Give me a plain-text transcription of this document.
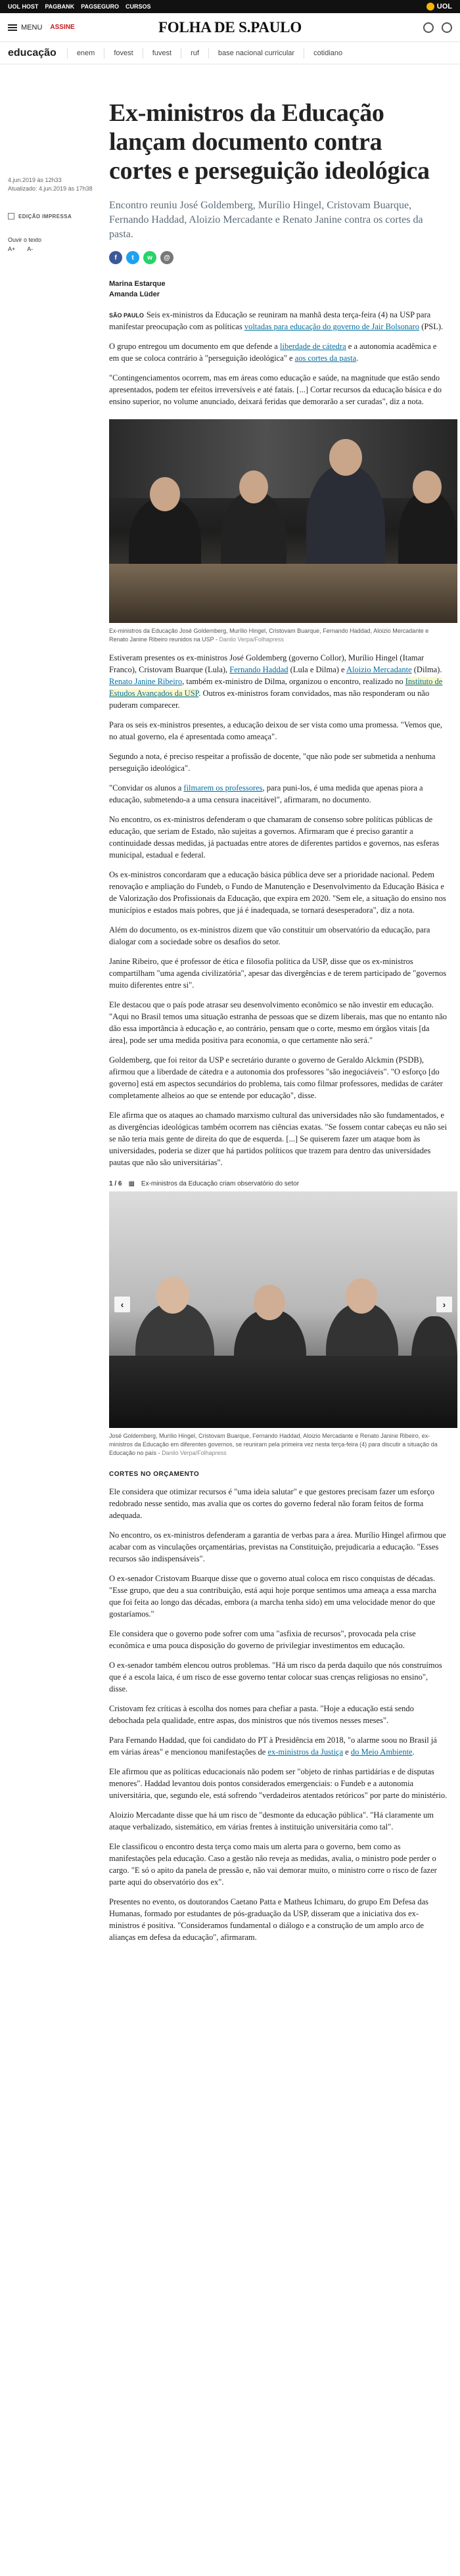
UOL HOST PAGBANK PAGSEGURO CURSOS	UOL
MENU ASSINE	FOLHA DE S.PAULO
educação	enem	fovest	fuvest	ruf	base nacional curricular	cotidiano
4.jun.2019 às 12h33
Atualizado: 4.jun.2019 às 17h38
EDIÇÃO IMPRESSA
Ouvir o texto
A+ A-
Ex-ministros da Educação lançam documento contra cortes e perseguição ideológica

Encontro reuniu José Goldemberg, Murílio Hingel, Cristovam Buarque, Fernando Haddad, Aloizio Mercadante e Renato Janine contra os cortes da pasta.

f	t	w	@
Marina Estarque
Amanda Lüder

SÃO PAULO Seis ex-ministros da Educação se reuniram na manhã desta terça-feira (4) na USP para manifestar preocupação com as políticas voltadas para educação do governo de Jair Bolsonaro (PSL).

O grupo entregou um documento em que defende a liberdade de cátedra e a autonomia acadêmica e em que se coloca contrário à "perseguição ideológica" e aos cortes da pasta.

"Contingenciamentos ocorrem, mas em áreas como educação e saúde, na magnitude que estão sendo apresentados, podem ter efeitos irreversíveis e até fatais. [...] Cortar recursos da educação básica e do ensino superior, no volume anunciado, deixará feridas que demorarão a ser curadas", diz a nota.

Ex-ministros da Educação José Goldemberg, Murílio Hingel, Cristovam Buarque, Fernando Haddad, Aloizio Mercadante e Renato Janine Ribeiro reunidos na USP - Danilo Verpa/Folhapress

Estiveram presentes os ex-ministros José Goldemberg (governo Collor), Murílio Hingel (Itamar Franco), Cristovam Buarque (Lula), Fernando Haddad (Lula e Dilma) e Aloizio Mercadante (Dilma). Renato Janine Ribeiro, também ex-ministro de Dilma, organizou o encontro, realizado no Instituto de Estudos Avançados da USP. Outros ex-ministros foram convidados, mas não responderam ou não puderam comparecer.

Para os seis ex-ministros presentes, a educação deixou de ser vista como uma promessa. "Vemos que, no atual governo, ela é apresentada como ameaça".

Segundo a nota, é preciso respeitar a profissão de docente, "que não pode ser submetida a nenhuma perseguição ideológica".

"Convidar os alunos a filmarem os professores, para puni-los, é uma medida que apenas piora a educação, submetendo-a a uma censura inaceitável", afirmaram, no documento.

No encontro, os ex-ministros defenderam o que chamaram de consenso sobre políticas públicas de educação, que seriam de Estado, não sujeitas a governos. Afirmaram que é preciso garantir a continuidade dessas medidas, já pactuadas entre atores de diferentes partidos e governos, nas esferas municipal, estadual e federal.

Os ex-ministros concordaram que a educação básica pública deve ser a prioridade nacional. Pedem renovação e ampliação do Fundeb, o Fundo de Manutenção e Desenvolvimento da Educação Básica e de Valorização dos Profissionais da Educação, que expira em 2020. "Sem ele, a situação do ensino nos municípios e estados mais pobres, que já é inadequada, se tornará desesperadora", diz a nota.

Além do documento, os ex-ministros dizem que vão constituir um observatório da educação, para dialogar com a sociedade sobre os desafios do setor.

Janine Ribeiro, que é professor de ética e filosofia política da USP, disse que os ex-ministros compartilham "uma agenda civilizatória", apesar das divergências e de terem participado de "governos muito diferentes entre si".

Ele destacou que o país pode atrasar seu desenvolvimento econômico se não investir em educação. "Aqui no Brasil temos uma situação estranha de pessoas que se dizem liberais, mas que no entanto não dão essa importância à educação e, ao contrário, pensam que o corte, mesmo em órgãos vitais [da área], pode ser uma medida positiva para economia, o que certamente não será."

Goldemberg, que foi reitor da USP e secretário durante o governo de Geraldo Alckmin (PSDB), afirmou que a liberdade de cátedra e a autonomia dos professores "são inegociáveis". "O esforço [do governo] está em aspectos secundários do problema, tais como filmar professores, medidas de caráter completamente alheios ao que se entende por educação", disse.

Ele afirma que os ataques ao chamado marxismo cultural das universidades não são fundamentados, e as divergências ideológicas também ocorrem nas ciências exatas. "Se fossem contar cabeças eu não sei se não teria mais gente de direita do que de esquerda. [...] Se quiserem fazer um ataque bom às universidades, poderia se dizer que há partidos políticos que trazem para dentro das universidades pautas que não são universitárias".

1 / 6 ▦ Ex-ministros da Educação criam observatório do setor
‹	›
José Goldemberg, Murílio Hingel, Cristovam Buarque, Fernando Haddad, Aloizio Mercadante e Renato Janine Ribeiro, ex-ministros da Educação em diferentes governos, se reuniram pela primeira vez nesta terça-feira (4) para discutir a situação da Educação no país - Danilo Verpa/Folhapress
CORTES NO ORÇAMENTO

Ele considera que otimizar recursos é "uma ideia salutar" e que gestores precisam fazer um esforço redobrado nesse sentido, mas avalia que os cortes do governo federal não foram feitos de forma adequada.

No encontro, os ex-ministros defenderam a garantia de verbas para a área. Murílio Hingel afirmou que acabar com as vinculações orçamentárias, previstas na Constituição, prejudicaria a educação. "Esses recursos são indispensáveis".

O ex-senador Cristovam Buarque disse que o governo atual coloca em risco conquistas de décadas. "Esse grupo, que deu a sua contribuição, está aqui hoje porque sentimos uma ameaça a essa marcha que foi feita ao longo das décadas, embora (a marcha tenha sido) em uma velocidade menor do que gostaríamos."

Ele considera que o governo pode sofrer com uma "asfixia de recursos", provocada pela crise econômica e uma pouca disposição do governo de privilegiar investimentos em educação.

O ex-senador também elencou outros problemas. "Há um risco da perda daquilo que nós construímos que é a escola laica, é um risco de esse governo tentar colocar suas crenças religiosas no ensino", disse.

Cristovam fez críticas à escolha dos nomes para chefiar a pasta. "Hoje a educação está sendo debochada pela qualidade, entre aspas, dos ministros que nós tivemos nesses meses".

Para Fernando Haddad, que foi candidato do PT à Presidência em 2018, "o alarme soou no Brasil já em várias áreas" e mencionou manifestações de ex-ministros da Justiça e do Meio Ambiente.

Ele afirmou que as políticas educacionais não podem ser "objeto de rinhas partidárias e de disputas menores". Haddad levantou dois pontos considerados emergenciais: o Fundeb e a autonomia universitária, que, segundo ele, está sofrendo "verdadeiros atentados retóricos" por parte do ministério.

Aloizio Mercadante disse que há um risco de "desmonte da educação pública". "Há claramente um ataque verbalizado, sistemático, em várias frentes à instituição universitária como tal".

Ele classificou o encontro desta terça como mais um alerta para o governo, bem como as manifestações pela educação. Caso a gestão não reveja as medidas, avalia, o ministro pode perder o cargo. "E só o apito da panela de pressão e, não vai demorar muito, o ministro corre o risco de fazer parte aqui do observatório dos ex".

Presentes no evento, os doutorandos Caetano Patta e Matheus Ichimaru, do grupo Em Defesa das Humanas, formado por estudantes de pós-graduação da USP, disseram que a iniciativa dos ex-ministros é positiva. "Consideramos fundamental o diálogo e a construção de um amplo arco de alianças em defesa da educação", afirmaram.
